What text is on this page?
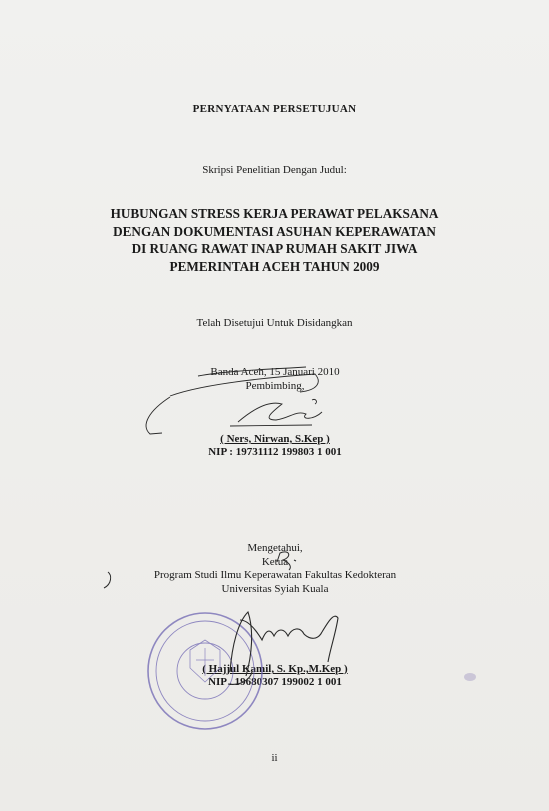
PERNYATAAN PERSETUJUAN
Skripsi Penelitian Dengan Judul:
HUBUNGAN STRESS KERJA PERAWAT PELAKSANA
DENGAN DOKUMENTASI ASUHAN KEPERAWATAN
DI RUANG RAWAT INAP RUMAH SAKIT JIWA
PEMERINTAH ACEH TAHUN 2009
Telah Disetujui Untuk Disidangkan
Banda Aceh, 15 Januari 2010
Pembimbing,
( Ners, Nirwan, S.Kep )
NIP : 19731112 199803 1 001
Mengetahui,
Ketua
Program Studi Ilmu Keperawatan Fakultas Kedokteran
Universitas Syiah Kuala
( Hajjul Kamil, S. Kp.,M.Kep )
NIP . 19680307 199002 1 001
ii
